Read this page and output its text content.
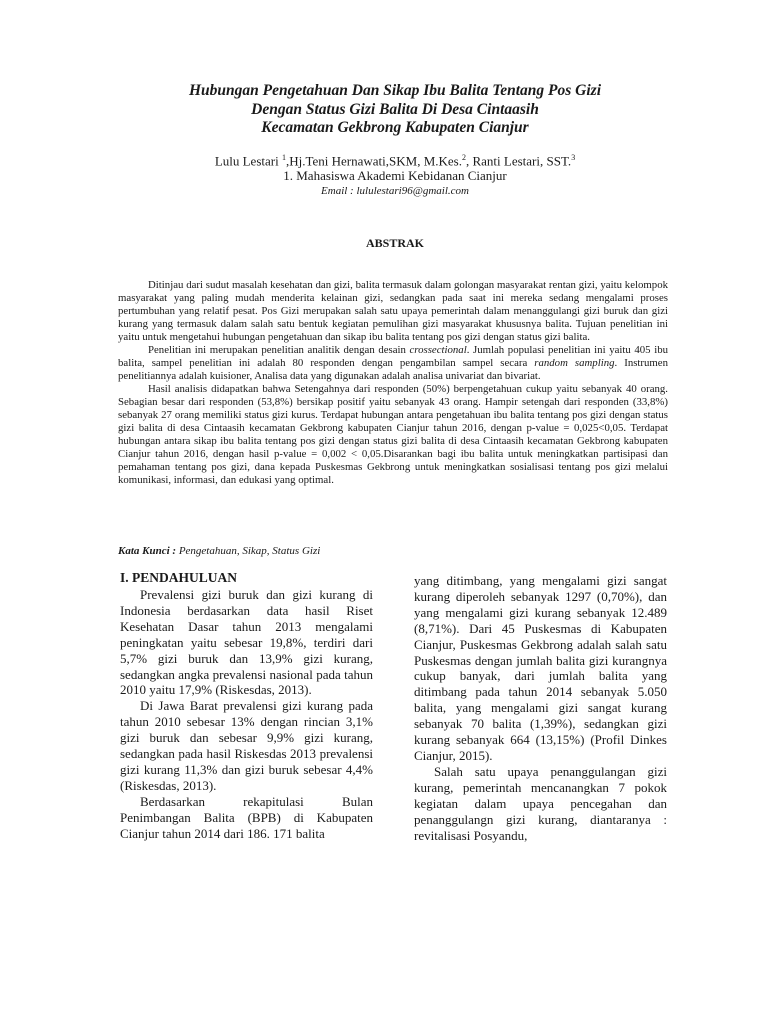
Hubungan Pengetahuan Dan Sikap Ibu Balita Tentang Pos Gizi
Dengan Status Gizi Balita Di Desa Cintaasih
Kecamatan Gekbrong Kabupaten Cianjur
Lulu Lestari $^1$,Hj.Teni Hernawati,SKM, M.Kes.$^2$, Ranti Lestari, SST.$^3$
1. Mahasiswa Akademi Kebidanan Cianjur
Email : lululestari96@gmail.com
ABSTRAK

Ditinjau dari sudut masalah kesehatan dan gizi, balita termasuk dalam golongan masyarakat rentan gizi, yaitu kelompok masyarakat yang paling mudah menderita kelainan gizi, sedangkan pada saat ini mereka sedang mengalami proses pertumbuhan yang relatif pesat. Pos Gizi merupakan salah satu upaya pemerintah dalam menanggulangi gizi buruk dan gizi kurang yang termasuk dalam salah satu bentuk kegiatan pemulihan gizi masyarakat khususnya balita. Tujuan penelitian ini yaitu untuk mengetahui hubungan pengetahuan dan sikap ibu balita tentang pos gizi dengan status gizi balita.

Penelitian ini merupakan penelitian analitik dengan desain crossectional. Jumlah populasi penelitian ini yaitu 405 ibu balita, sampel penelitian ini adalah 80 responden dengan pengambilan sampel secara random sampling. Instrumen penelitiannya adalah kuisioner, Analisa data yang digunakan adalah analisa univariat dan bivariat.

Hasil analisis didapatkan bahwa Setengahnya dari responden (50%) berpengetahuan cukup yaitu sebanyak 40 orang. Sebagian besar dari responden (53,8%) bersikap positif yaitu sebanyak 43 orang. Hampir setengah dari responden (33,8%) sebanyak 27 orang memiliki status gizi kurus. Terdapat hubungan antara pengetahuan ibu balita tentang pos gizi dengan status gizi balita di desa Cintaasih kecamatan Gekbrong kabupaten Cianjur tahun 2016, dengan p-value = 0,025<0,05. Terdapat hubungan antara sikap ibu balita tentang pos gizi dengan status gizi balita di desa Cintaasih kecamatan Gekbrong kabupaten Cianjur tahun 2016, dengan hasil p-value = 0,002 < 0,05.Disarankan bagi ibu balita untuk meningkatkan partisipasi dan pemahaman tentang pos gizi, dana kepada Puskesmas Gekbrong untuk meningkatkan sosialisasi tentang pos gizi melalui komunikasi, informasi, dan edukasi yang optimal.

Kata Kunci : Pengetahuan, Sikap, Status Gizi
I. PENDAHULUAN

Prevalensi gizi buruk dan gizi kurang di Indonesia berdasarkan data hasil Riset Kesehatan Dasar tahun 2013 mengalami peningkatan yaitu sebesar 19,8%, terdiri dari 5,7% gizi buruk dan 13,9% gizi kurang, sedangkan angka prevalensi nasional pada tahun 2010 yaitu 17,9% (Riskesdas, 2013).

Di Jawa Barat prevalensi gizi kurang pada tahun 2010 sebesar 13% dengan rincian 3,1% gizi buruk dan sebesar 9,9% gizi kurang, sedangkan pada hasil Riskesdas 2013 prevalensi gizi kurang 11,3% dan gizi buruk sebesar 4,4% (Riskesdas, 2013).

Berdasarkan rekapitulasi Bulan Penimbangan Balita (BPB) di Kabupaten Cianjur tahun 2014 dari 186. 171 balita

yang ditimbang, yang mengalami gizi sangat kurang diperoleh sebanyak 1297 (0,70%), dan yang mengalami gizi kurang sebanyak 12.489 (8,71%). Dari 45 Puskesmas di Kabupaten Cianjur, Puskesmas Gekbrong adalah salah satu Puskesmas dengan jumlah balita gizi kurangnya cukup banyak, dari jumlah balita yang ditimbang pada tahun 2014 sebanyak 5.050 balita, yang mengalami gizi sangat kurang sebanyak 70 balita (1,39%), sedangkan gizi kurang sebanyak 664 (13,15%) (Profil Dinkes Cianjur, 2015).

Salah satu upaya penanggulangan gizi kurang, pemerintah mencanangkan 7 pokok kegiatan dalam upaya pencegahan dan penanggulangn gizi kurang, diantaranya : revitalisasi Posyandu,
